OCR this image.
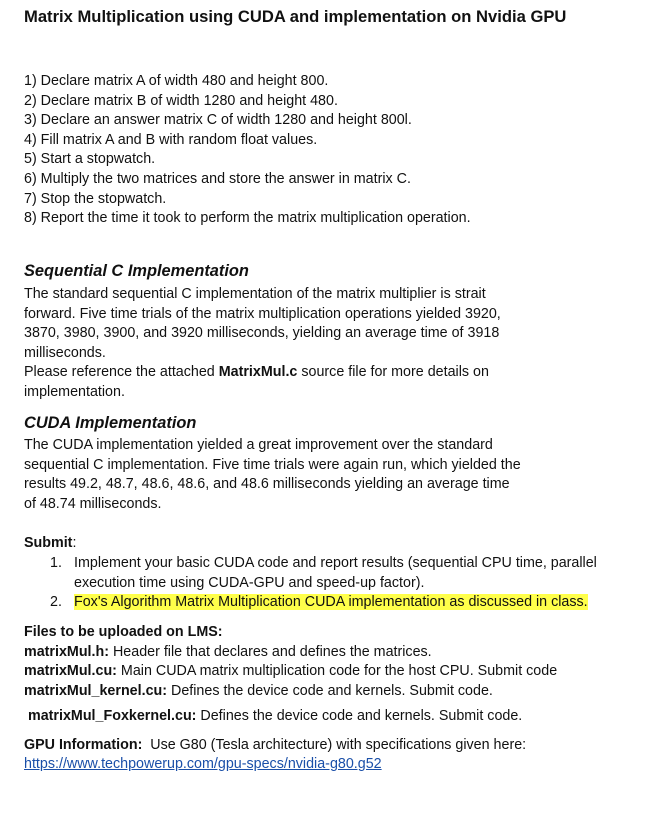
Matrix Multiplication using CUDA and implementation on Nvidia GPU
1) Declare matrix A of width 480 and height 800.
2) Declare matrix B of width 1280 and height 480.
3) Declare an answer matrix C of width 1280 and height 800l.
4) Fill matrix A and B with random float values.
5) Start a stopwatch.
6) Multiply the two matrices and store the answer in matrix C.
7) Stop the stopwatch.
8) Report the time it took to perform the matrix multiplication operation.
Sequential C Implementation
The standard sequential C implementation of the matrix multiplier is strait
forward. Five time trials of the matrix multiplication operations yielded 3920,
3870, 3980, 3900, and 3920 milliseconds, yielding an average time of 3918
milliseconds.
Please reference the attached MatrixMul.c source file for more details on
implementation.
CUDA Implementation
The CUDA implementation yielded a great improvement over the standard
sequential C implementation. Five time trials were again run, which yielded the
results 49.2, 48.7, 48.6, 48.6, and 48.6 milliseconds yielding an average time
of 48.74 milliseconds.
Submit:
1. Implement your basic CUDA code and report results (sequential CPU time, parallel
execution time using CUDA-GPU and speed-up factor).
2. Fox's Algorithm Matrix Multiplication CUDA implementation as discussed in class.
Files to be uploaded on LMS:
matrixMul.h: Header file that declares and defines the matrices.
matrixMul.cu: Main CUDA matrix multiplication code for the host CPU. Submit code
matrixMul_kernel.cu: Defines the device code and kernels. Submit code.
matrixMul_Foxkernel.cu: Defines the device code and kernels. Submit code.
GPU Information:  Use G80 (Tesla architecture) with specifications given here:
https://www.techpowerup.com/gpu-specs/nvidia-g80.g52
